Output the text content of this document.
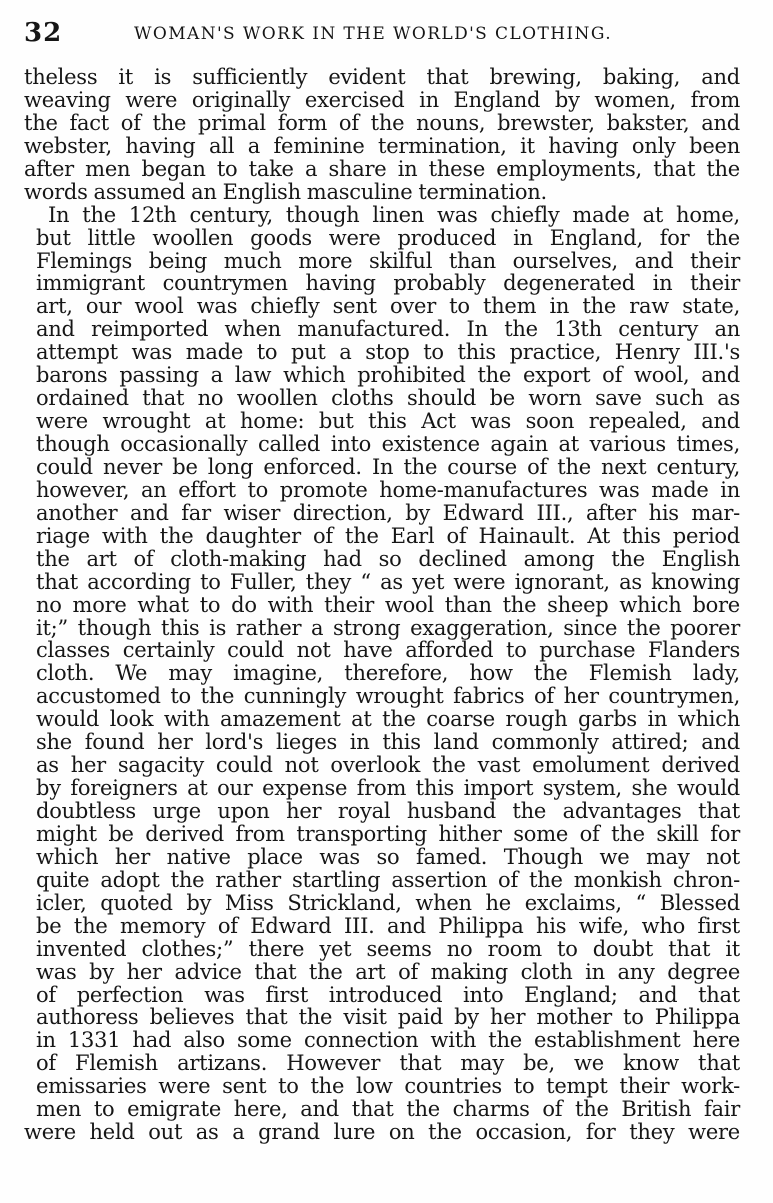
32	WOMAN'S WORK IN THE WORLD'S CLOTHING.
theless it is sufficiently evident that brewing, baking, and
weaving were originally exercised in England by women, from
the fact of the primal form of the nouns, brewster, bakster, and
webster, having all a feminine termination, it having only been
after men began to take a share in these employments, that the
words assumed an English masculine termination.
In the 12th century, though linen was chiefly made at home,
but little woollen goods were produced in England, for the
Flemings being much more skilful than ourselves, and their
immigrant countrymen having probably degenerated in their
art, our wool was chiefly sent over to them in the raw state,
and reimported when manufactured. In the 13th century an
attempt was made to put a stop to this practice, Henry III.'s
barons passing a law which prohibited the export of wool, and
ordained that no woollen cloths should be worn save such as
were wrought at home: but this Act was soon repealed, and
though occasionally called into existence again at various times,
could never be long enforced. In the course of the next century,
however, an effort to promote home-manufactures was made in
another and far wiser direction, by Edward III., after his mar-
riage with the daughter of the Earl of Hainault. At this period
the art of cloth-making had so declined among the English
that according to Fuller, they “ as yet were ignorant, as knowing
no more what to do with their wool than the sheep which bore
it;” though this is rather a strong exaggeration, since the poorer
classes certainly could not have afforded to purchase Flanders
cloth. We may imagine, therefore, how the Flemish lady,
accustomed to the cunningly wrought fabrics of her countrymen,
would look with amazement at the coarse rough garbs in which
she found her lord's lieges in this land commonly attired; and
as her sagacity could not overlook the vast emolument derived
by foreigners at our expense from this import system, she would
doubtless urge upon her royal husband the advantages that
might be derived from transporting hither some of the skill for
which her native place was so famed. Though we may not
quite adopt the rather startling assertion of the monkish chron-
icler, quoted by Miss Strickland, when he exclaims, “ Blessed
be the memory of Edward III. and Philippa his wife, who first
invented clothes;” there yet seems no room to doubt that it
was by her advice that the art of making cloth in any degree
of perfection was first introduced into England; and that
authoress believes that the visit paid by her mother to Philippa
in 1331 had also some connection with the establishment here
of Flemish artizans. However that may be, we know that
emissaries were sent to the low countries to tempt their work-
men to emigrate here, and that the charms of the British fair
were held out as a grand lure on the occasion, for they were
